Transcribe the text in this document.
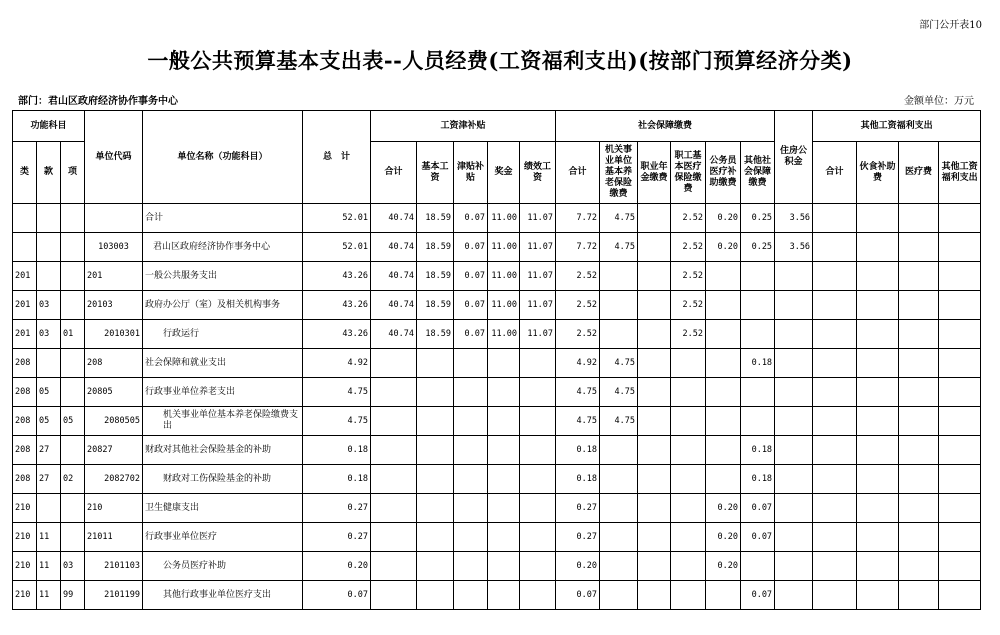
部门公开表10
一般公共预算基本支出表--人员经费(工资福利支出)(按部门预算经济分类)
部门：君山区政府经济协作事务中心	金额单位：万元
功能科目			单位代码	单位名称（功能科目）	总　计	工资津补贴					社会保障缴费						住房公积金	其他工资福利支出			
类	款	项				合计	基本工资	津贴补贴	奖金	绩效工资	合计	机关事业单位基本养老保险缴费	职业年金缴费	职工基本医疗保险缴费	公务员医疗补助缴费	其他社会保障缴费		合计	伙食补助费	医疗费	其他工资福利支出
				合计	52.01	40.74	18.59	0.07	11.00	11.07	7.72	4.75		2.52	0.20	0.25	3.56				
			103003	君山区政府经济协作事务中心	52.01	40.74	18.59	0.07	11.00	11.07	7.72	4.75		2.52	0.20	0.25	3.56				
201			201	一般公共服务支出	43.26	40.74	18.59	0.07	11.00	11.07	2.52			2.52							
201	03		20103	政府办公厅（室）及相关机构事务	43.26	40.74	18.59	0.07	11.00	11.07	2.52			2.52							
201	03	01	2010301	行政运行	43.26	40.74	18.59	0.07	11.00	11.07	2.52			2.52							
208			208	社会保障和就业支出	4.92						4.92	4.75				0.18					
208	05		20805	行政事业单位养老支出	4.75						4.75	4.75									
208	05	05	2080505	机关事业单位基本养老保险缴费支出	4.75						4.75	4.75									
208	27		20827	财政对其他社会保险基金的补助	0.18						0.18					0.18					
208	27	02	2082702	财政对工伤保险基金的补助	0.18						0.18					0.18					
210			210	卫生健康支出	0.27						0.27				0.20	0.07					
210	11		21011	行政事业单位医疗	0.27						0.27				0.20	0.07					
210	11	03	2101103	公务员医疗补助	0.20						0.20				0.20						
210	11	99	2101199	其他行政事业单位医疗支出	0.07						0.07					0.07					
